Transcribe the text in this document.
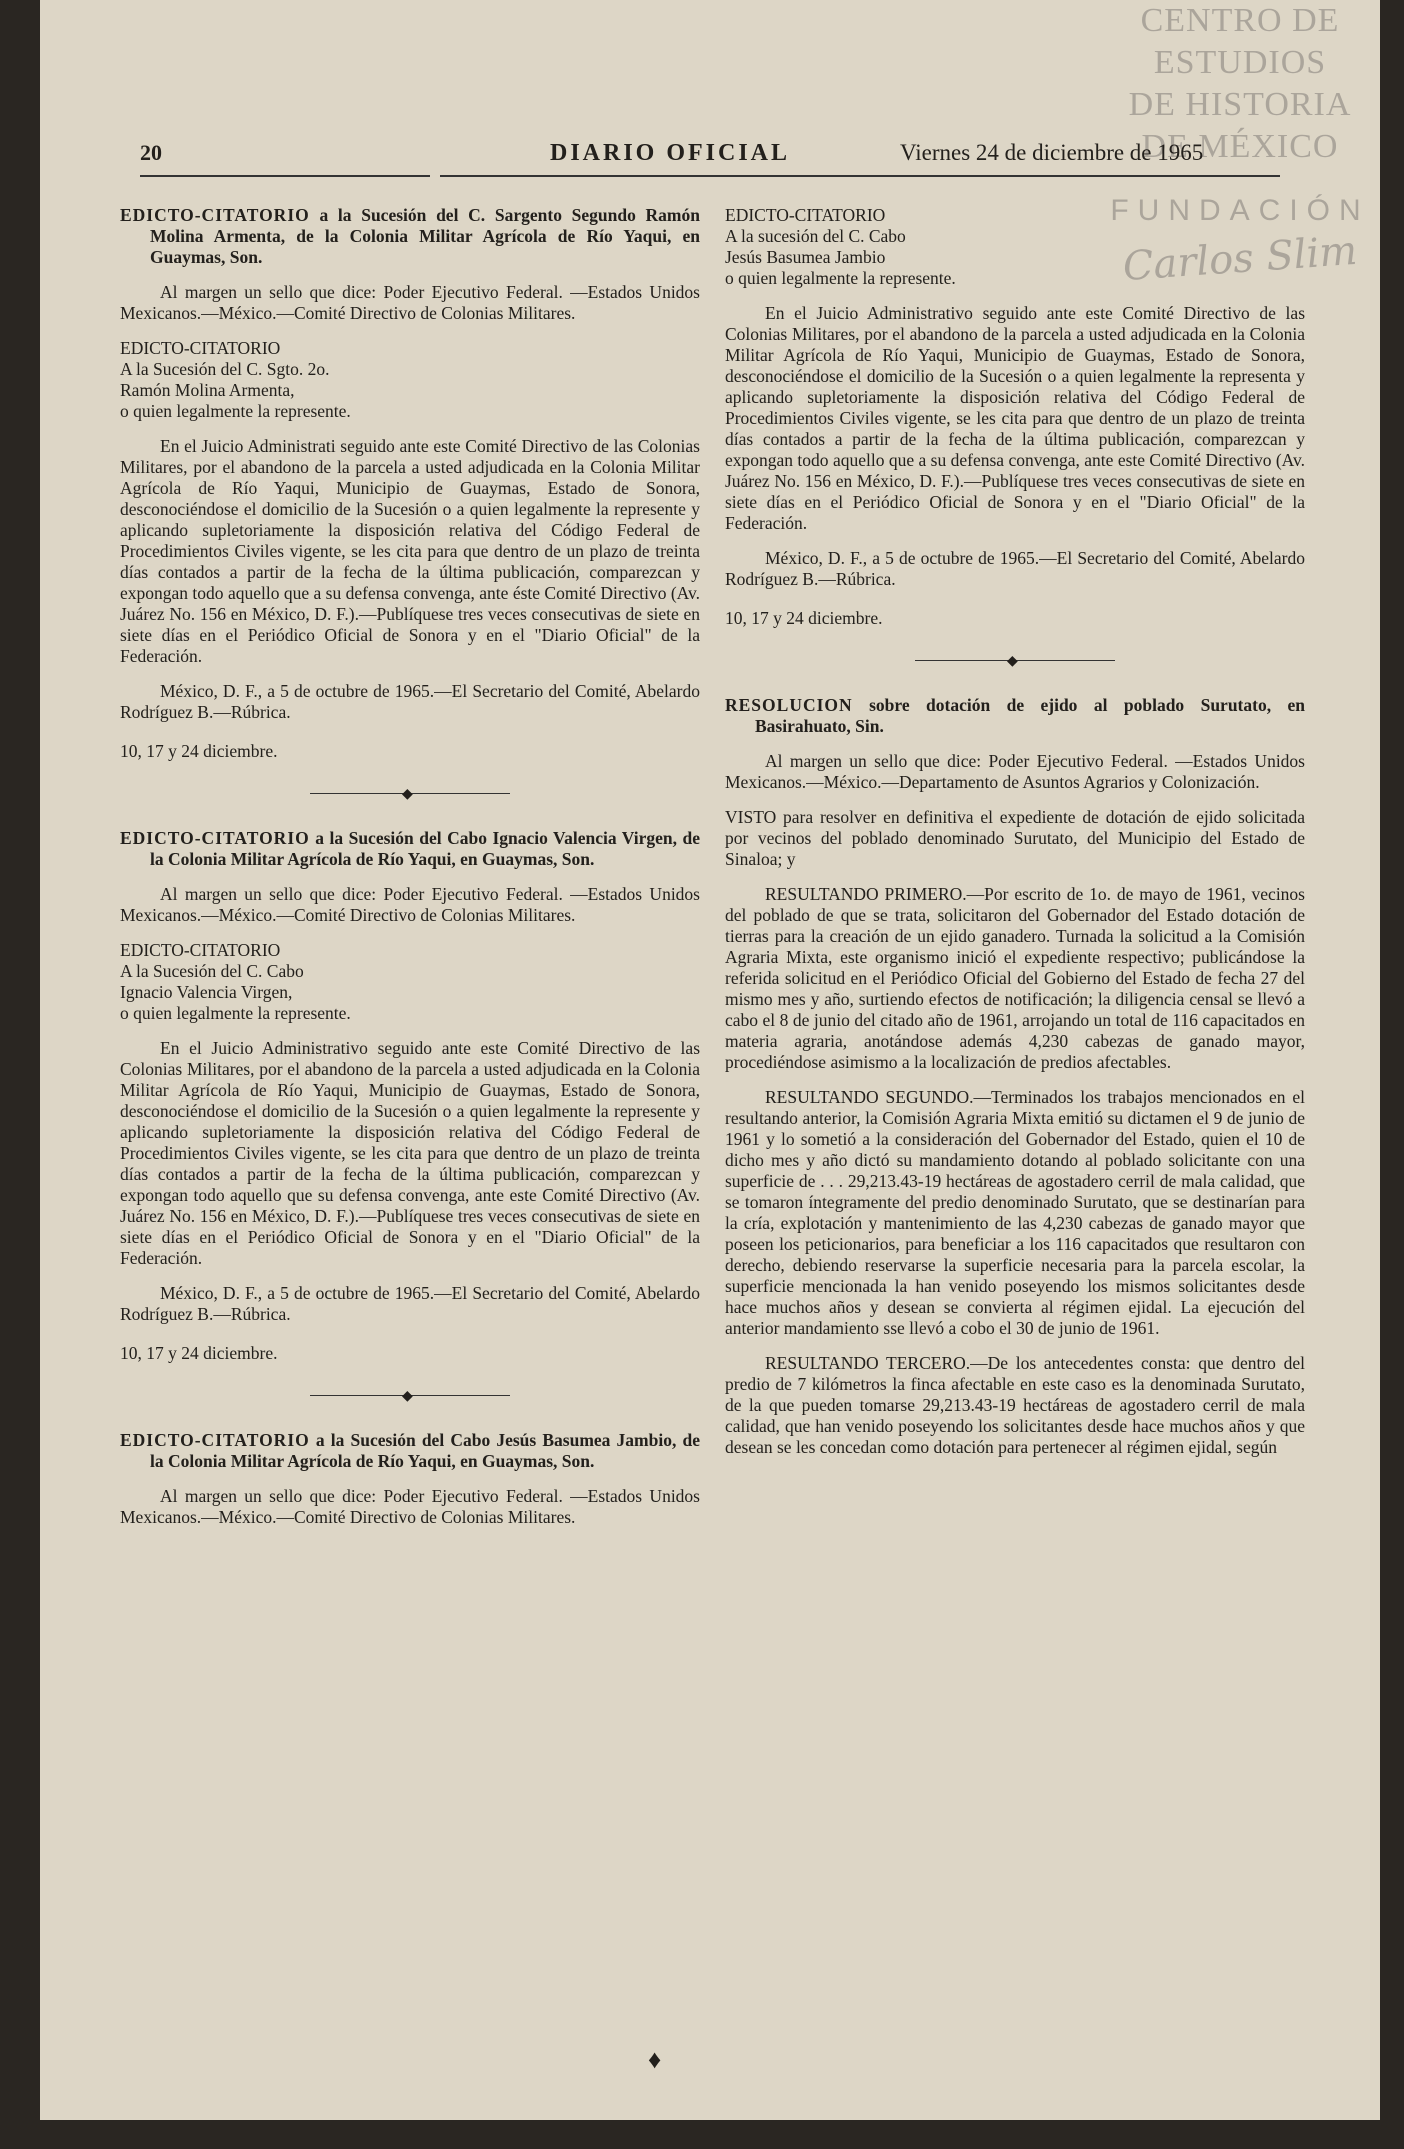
CENTRO DE
ESTUDIOS
DE HISTORIA
DE MÉXICO
FUNDACIÓN
Carlos Slim
20	DIARIO OFICIAL	Viernes 24 de diciembre de 1965
EDICTO-CITATORIO a la Sucesión del C. Sargento Segundo Ramón Molina Armenta, de la Colonia Militar Agrícola de Río Yaqui, en Guaymas, Son.

Al margen un sello que dice: Poder Ejecutivo Federal. —Estados Unidos Mexicanos.—México.—Comité Directivo de Colonias Militares.

EDICTO-CITATORIO
A la Sucesión del C. Sgto. 2o.
Ramón Molina Armenta,
o quien legalmente la represente.

En el Juicio Administrati seguido ante este Comité Directivo de las Colonias Militares, por el abandono de la parcela a usted adjudicada en la Colonia Militar Agrícola de Río Yaqui, Municipio de Guaymas, Estado de Sonora, desconociéndose el domicilio de la Sucesión o a quien legalmente la represente y aplicando supletoriamente la disposición relativa del Código Federal de Procedimientos Civiles vigente, se les cita para que dentro de un plazo de treinta días contados a partir de la fecha de la última publicación, comparezcan y expongan todo aquello que a su defensa convenga, ante éste Comité Directivo (Av. Juárez No. 156 en México, D. F.).—Publíquese tres veces consecutivas de siete en siete días en el Periódico Oficial de Sonora y en el "Diario Oficial" de la Federación.

México, D. F., a 5 de octubre de 1965.—El Secretario del Comité, Abelardo Rodríguez B.—Rúbrica.

10, 17 y 24 diciembre.
◆
EDICTO-CITATORIO a la Sucesión del Cabo Ignacio Valencia Virgen, de la Colonia Militar Agrícola de Río Yaqui, en Guaymas, Son.

Al margen un sello que dice: Poder Ejecutivo Federal. —Estados Unidos Mexicanos.—México.—Comité Directivo de Colonias Militares.

EDICTO-CITATORIO
A la Sucesión del C. Cabo
Ignacio Valencia Virgen,
o quien legalmente la represente.

En el Juicio Administrativo seguido ante este Comité Directivo de las Colonias Militares, por el abandono de la parcela a usted adjudicada en la Colonia Militar Agrícola de Río Yaqui, Municipio de Guaymas, Estado de Sonora, desconociéndose el domicilio de la Sucesión o a quien legalmente la represente y aplicando supletoriamente la disposición relativa del Código Federal de Procedimientos Civiles vigente, se les cita para que dentro de un plazo de treinta días contados a partir de la fecha de la última publicación, comparezcan y expongan todo aquello que su defensa convenga, ante este Comité Directivo (Av. Juárez No. 156 en México, D. F.).—Publíquese tres veces consecutivas de siete en siete días en el Periódico Oficial de Sonora y en el "Diario Oficial" de la Federación.

México, D. F., a 5 de octubre de 1965.—El Secretario del Comité, Abelardo Rodríguez B.—Rúbrica.

10, 17 y 24 diciembre.
◆
EDICTO-CITATORIO a la Sucesión del Cabo Jesús Basumea Jambio, de la Colonia Militar Agrícola de Río Yaqui, en Guaymas, Son.

Al margen un sello que dice: Poder Ejecutivo Federal. —Estados Unidos Mexicanos.—México.—Comité Directivo de Colonias Militares.

EDICTO-CITATORIO
A la sucesión del C. Cabo
Jesús Basumea Jambio
o quien legalmente la represente.

En el Juicio Administrativo seguido ante este Comité Directivo de las Colonias Militares, por el abandono de la parcela a usted adjudicada en la Colonia Militar Agrícola de Río Yaqui, Municipio de Guaymas, Estado de Sonora, desconociéndose el domicilio de la Sucesión o a quien legalmente la representa y aplicando supletoriamente la disposición relativa del Código Federal de Procedimientos Civiles vigente, se les cita para que dentro de un plazo de treinta días contados a partir de la fecha de la última publicación, comparezcan y expongan todo aquello que a su defensa convenga, ante este Comité Directivo (Av. Juárez No. 156 en México, D. F.).—Publíquese tres veces consecutivas de siete en siete días en el Periódico Oficial de Sonora y en el "Diario Oficial" de la Federación.

México, D. F., a 5 de octubre de 1965.—El Secretario del Comité, Abelardo Rodríguez B.—Rúbrica.

10, 17 y 24 diciembre.
◆
RESOLUCION sobre dotación de ejido al poblado Surutato, en Basirahuato, Sin.

Al margen un sello que dice: Poder Ejecutivo Federal. —Estados Unidos Mexicanos.—México.—Departamento de Asuntos Agrarios y Colonización.

VISTO para resolver en definitiva el expediente de dotación de ejido solicitada por vecinos del poblado denominado Surutato, del Municipio del Estado de Sinaloa; y

RESULTANDO PRIMERO.—Por escrito de 1o. de mayo de 1961, vecinos del poblado de que se trata, solicitaron del Gobernador del Estado dotación de tierras para la creación de un ejido ganadero. Turnada la solicitud a la Comisión Agraria Mixta, este organismo inició el expediente respectivo; publicándose la referida solicitud en el Periódico Oficial del Gobierno del Estado de fecha 27 del mismo mes y año, surtiendo efectos de notificación; la diligencia censal se llevó a cabo el 8 de junio del citado año de 1961, arrojando un total de 116 capacitados en materia agraria, anotándose además 4,230 cabezas de ganado mayor, procediéndose asimismo a la localización de predios afectables.

RESULTANDO SEGUNDO.—Terminados los trabajos mencionados en el resultando anterior, la Comisión Agraria Mixta emitió su dictamen el 9 de junio de 1961 y lo sometió a la consideración del Gobernador del Estado, quien el 10 de dicho mes y año dictó su mandamiento dotando al poblado solicitante con una superficie de . . . 29,213.43-19 hectáreas de agostadero cerril de mala calidad, que se tomaron íntegramente del predio denominado Surutato, que se destinarían para la cría, explotación y mantenimiento de las 4,230 cabezas de ganado mayor que poseen los peticionarios, para beneficiar a los 116 capacitados que resultaron con derecho, debiendo reservarse la superficie necesaria para la parcela escolar, la superficie mencionada la han venido poseyendo los mismos solicitantes desde hace muchos años y desean se convierta al régimen ejidal. La ejecución del anterior mandamiento sse llevó a cobo el 30 de junio de 1961.

RESULTANDO TERCERO.—De los antecedentes consta: que dentro del predio de 7 kilómetros la finca afectable en este caso es la denominada Surutato, de la que pueden tomarse 29,213.43-19 hectáreas de agostadero cerril de mala calidad, que han venido poseyendo los solicitantes desde hace muchos años y que desean se les concedan como dotación para pertenecer al régimen ejidal, según

♦
